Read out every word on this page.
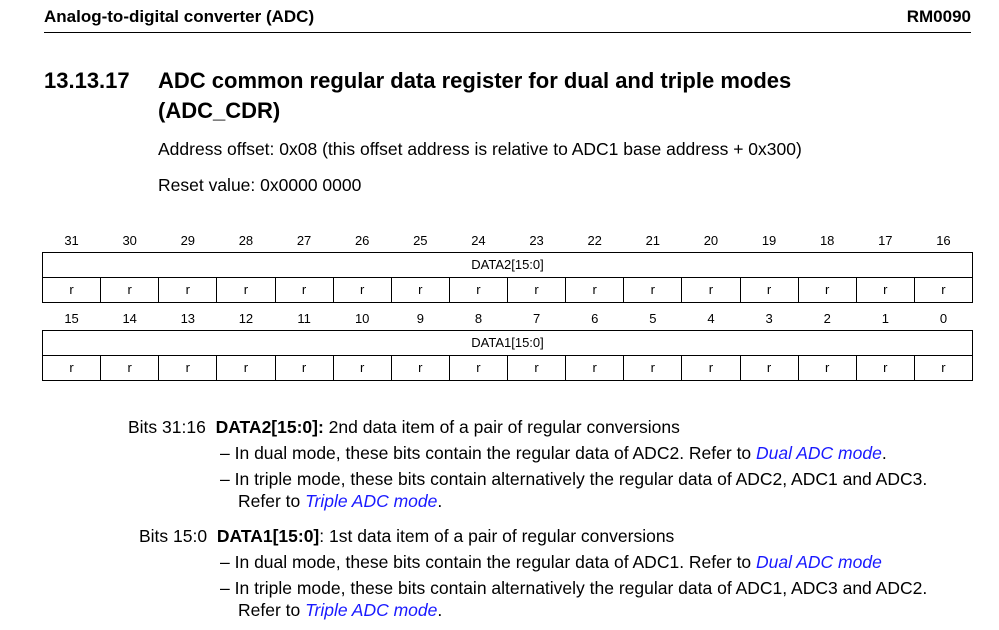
Analog-to-digital converter (ADC)	RM0090
13.13.17 ADC common regular data register for dual and triple modes
(ADC_CDR)
Address offset: 0x08 (this offset address is relative to ADC1 base address + 0x300)
Reset value: 0x0000 0000
31	30	29	28	27	26	25	24	23	22	21	20	19	18	17	16
DATA2[15:0]															
r	r	r	r	r	r	r	r	r	r	r	r	r	r	r	r
15	14	13	12	11	10	9	8	7	6	5	4	3	2	1	0
DATA1[15:0]															
r	r	r	r	r	r	r	r	r	r	r	r	r	r	r	r
Bits 31:16 DATA2[15:0]: 2nd data item of a pair of regular conversions
– In dual mode, these bits contain the regular data of ADC2. Refer to Dual ADC mode.
– In triple mode, these bits contain alternatively the regular data of ADC2, ADC1 and ADC3.
Refer to Triple ADC mode.
Bits 15:0 DATA1[15:0]: 1st data item of a pair of regular conversions
– In dual mode, these bits contain the regular data of ADC1. Refer to Dual ADC mode
– In triple mode, these bits contain alternatively the regular data of ADC1, ADC3 and ADC2.
Refer to Triple ADC mode.
